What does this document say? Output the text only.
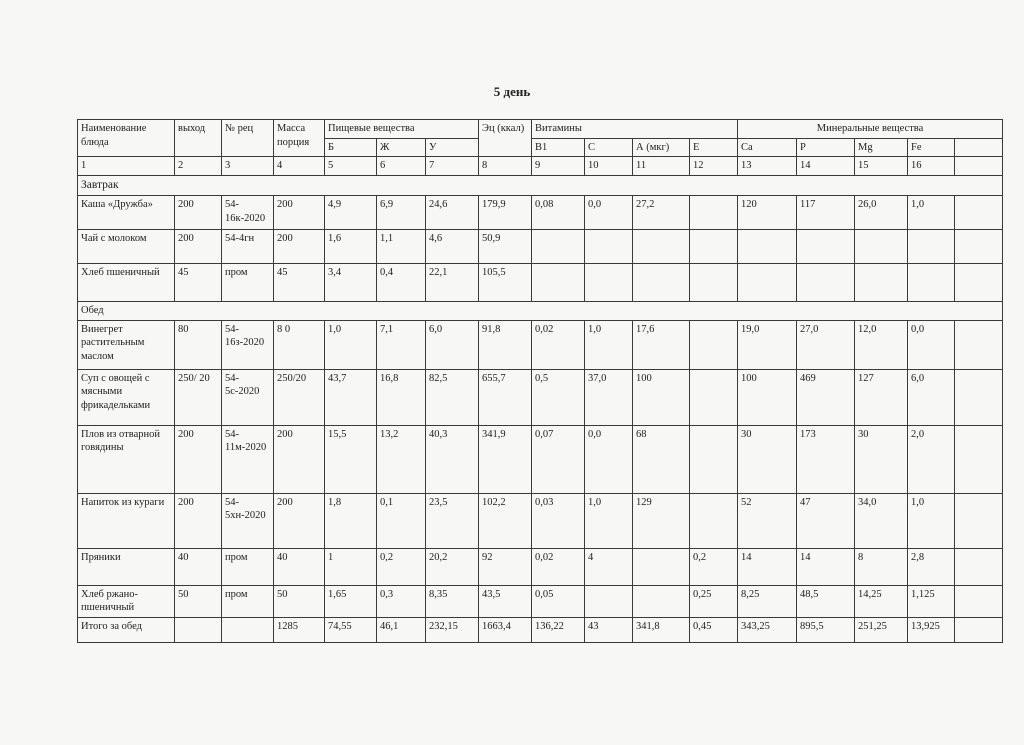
5 день
Наименование блюда	выход	№ рец	Масса порция	Пищевые вещества			Эц (ккал)	Витамины				Минеральные вещества				
				Б	Ж	У		В1	С	А (мкг)	Е	Ca	P	Mg	Fe	
1	2	3	4	5	6	7	8	9	10	11	12	13	14	15	16	
Завтрак																
Каша «Дружба»	200	54-16к-2020	200	4,9	6,9	24,6	179,9	0,08	0,0	27,2		120	117	26,0	1,0	
Чай с молоком	200	54-4гн	200	1,6	1,1	4,6	50,9									
Хлеб пшеничный	45	пром	45	3,4	0,4	22,1	105,5									
Обед																
Винегрет растительным маслом	80	54-16з-2020	8 0	1,0	7,1	6,0	91,8	0,02	1,0	17,6		19,0	27,0	12,0	0,0	
Суп с овощей с мясными фрикадельками	250/ 20	54-5с-2020	250/20	43,7	16,8	82,5	655,7	0,5	37,0	100		100	469	127	6,0	
Плов из отварной говядины	200	54-11м-2020	200	15,5	13,2	40,3	341,9	0,07	0,0	68		30	173	30	2,0	
Напиток из кураги	200	54-5хн-2020	200	1,8	0,1	23,5	102,2	0,03	1,0	129		52	47	34,0	1,0	
Пряники	40	пром	40	1	0,2	20,2	92	0,02	4		0,2	14	14	8	2,8	
Хлеб ржано-пшеничный	50	пром	50	1,65	0,3	8,35	43,5	0,05			0,25	8,25	48,5	14,25	1,125	
Итого за обед			1285	74,55	46,1	232,15	1663,4	136,22	43	341,8	0,45	343,25	895,5	251,25	13,925	
